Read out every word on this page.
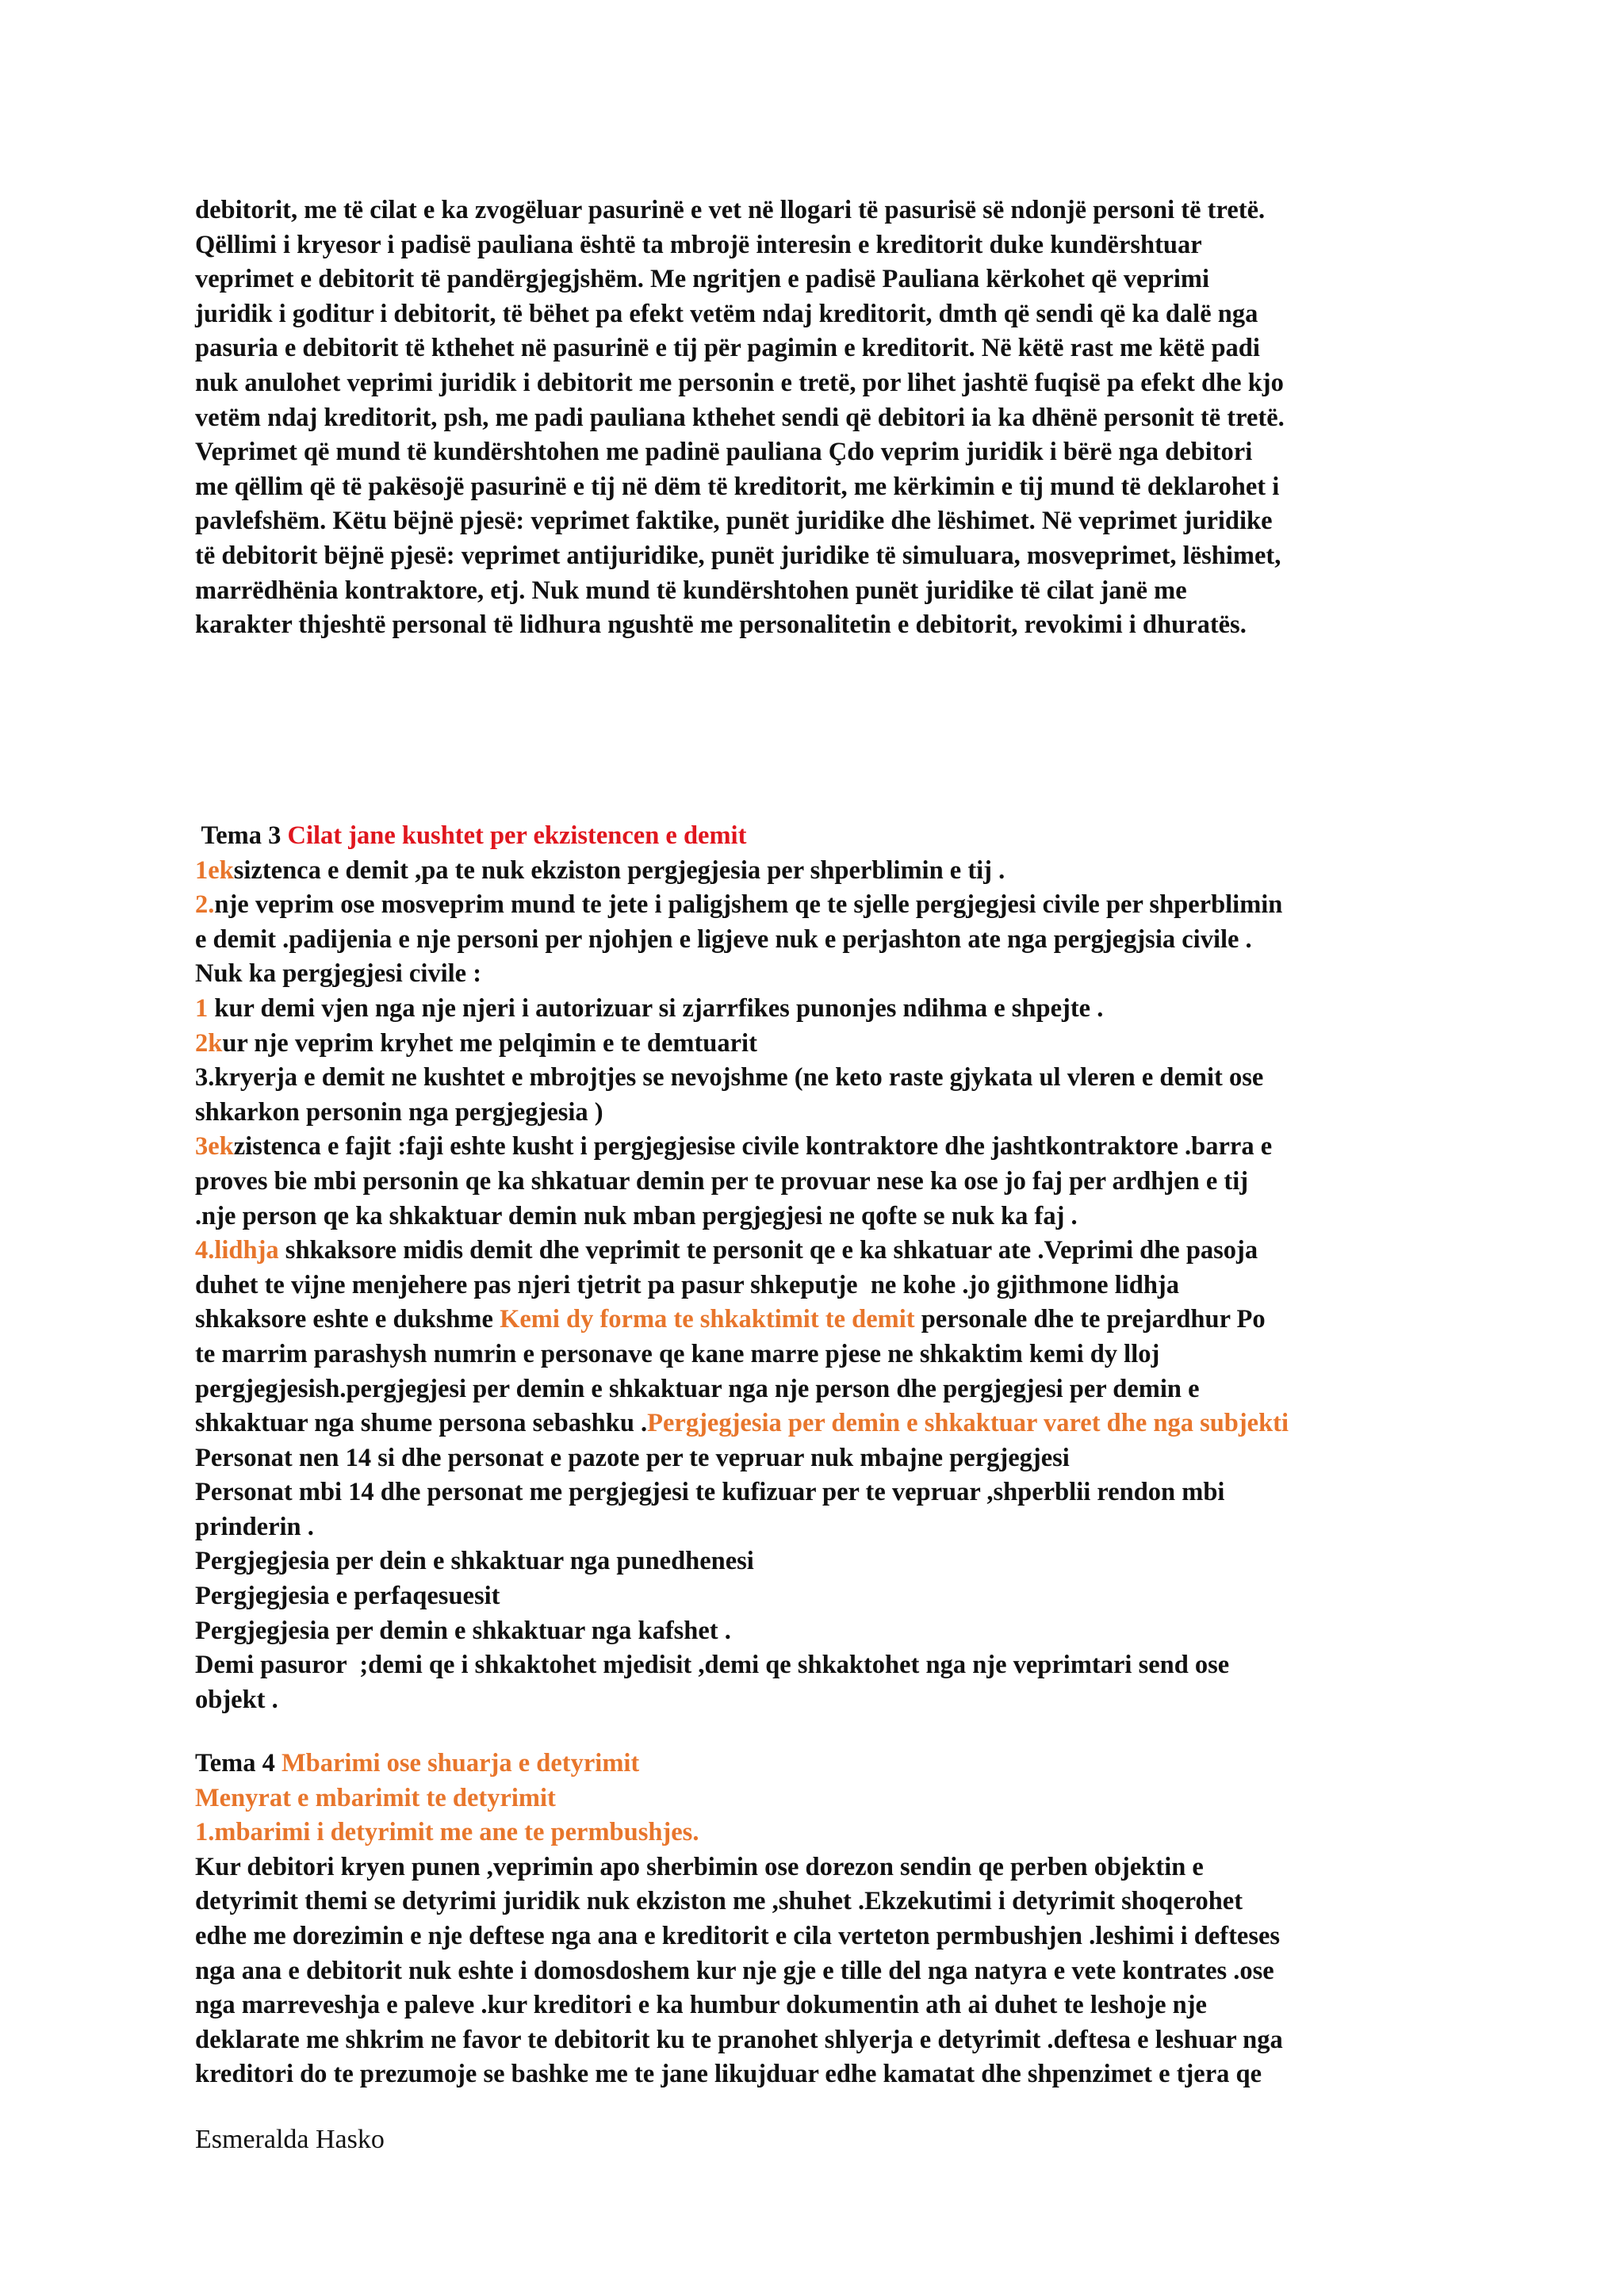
debitorit, me të cilat e ka zvogëluar pasurinë e vet në llogari të pasurisë së ndonjë personi të tretë.
Qëllimi i kryesor i padisë pauliana është ta mbrojë interesin e kreditorit duke kundërshtuar
veprimet e debitorit të pandërgjegjshëm. Me ngritjen e padisë Pauliana kërkohet që veprimi
juridik i goditur i debitorit, të bëhet pa efekt vetëm ndaj kreditorit, dmth që sendi që ka dalë nga
pasuria e debitorit të kthehet në pasurinë e tij për pagimin e kreditorit. Në këtë rast me këtë padi
nuk anulohet veprimi juridik i debitorit me personin e tretë, por lihet jashtë fuqisë pa efekt dhe kjo
vetëm ndaj kreditorit, psh, me padi pauliana kthehet sendi që debitori ia ka dhënë personit të tretë.
Veprimet që mund të kundërshtohen me padinë pauliana Çdo veprim juridik i bërë nga debitori
me qëllim që të pakësojë pasurinë e tij në dëm të kreditorit, me kërkimin e tij mund të deklarohet i
pavlefshëm. Këtu bëjnë pjesë: veprimet faktike, punët juridike dhe lëshimet. Në veprimet juridike
të debitorit bëjnë pjesë: veprimet antijuridike, punët juridike të simuluara, mosveprimet, lëshimet,
marrëdhënia kontraktore, etj. Nuk mund të kundërshtohen punët juridike të cilat janë me
karakter thjeshtë personal të lidhura ngushtë me personalitetin e debitorit, revokimi i dhuratës.
Tema 3 Cilat jane kushtet per ekzistencen e demit
1eksiztenca e demit ,pa te nuk ekziston pergjegjesia per shperblimin e tij .
2.nje veprim ose mosveprim mund te jete i paligjshem qe te sjelle pergjegjesi civile per shperblimin
e demit .padijenia e nje personi per njohjen e ligjeve nuk e perjashton ate nga pergjegjsia civile .
Nuk ka pergjegjesi civile :
1 kur demi vjen nga nje njeri i autorizuar si zjarrfikes punonjes ndihma e shpejte .
2kur nje veprim kryhet me pelqimin e te demtuarit
3.kryerja e demit ne kushtet e mbrojtjes se nevojshme (ne keto raste gjykata ul vleren e demit ose
shkarkon personin nga pergjegjesia )
3ekzistenca e fajit :faji eshte kusht i pergjegjesise civile kontraktore dhe jashtkontraktore .barra e
proves bie mbi personin qe ka shkatuar demin per te provuar nese ka ose jo faj per ardhjen e tij
.nje person qe ka shkaktuar demin nuk mban pergjegjesi ne qofte se nuk ka faj .
4.lidhja shkaksore midis demit dhe veprimit te personit qe e ka shkatuar ate .Veprimi dhe pasoja
duhet te vijne menjehere pas njeri tjetrit pa pasur shkeputje  ne kohe .jo gjithmone lidhja
shkaksore eshte e dukshme Kemi dy forma te shkaktimit te demit personale dhe te prejardhur Po
te marrim parashysh numrin e personave qe kane marre pjese ne shkaktim kemi dy lloj
pergjegjesish.pergjegjesi per demin e shkaktuar nga nje person dhe pergjegjesi per demin e
shkaktuar nga shume persona sebashku .Pergjegjesia per demin e shkaktuar varet dhe nga subjekti
Personat nen 14 si dhe personat e pazote per te vepruar nuk mbajne pergjegjesi
Personat mbi 14 dhe personat me pergjegjesi te kufizuar per te vepruar ,shperblii rendon mbi
prinderin .
Pergjegjesia per dein e shkaktuar nga punedhenesi
Pergjegjesia e perfaqesuesit
Pergjegjesia per demin e shkaktuar nga kafshet .
Demi pasuror  ;demi qe i shkaktohet mjedisit ,demi qe shkaktohet nga nje veprimtari send ose
objekt .
Tema 4 Mbarimi ose shuarja e detyrimit
Menyrat e mbarimit te detyrimit
1.mbarimi i detyrimit me ane te permbushjes.
Kur debitori kryen punen ,veprimin apo sherbimin ose dorezon sendin qe perben objektin e
detyrimit themi se detyrimi juridik nuk ekziston me ,shuhet .Ekzekutimi i detyrimit shoqerohet
edhe me dorezimin e nje deftese nga ana e kreditorit e cila verteton permbushjen .leshimi i defteses
nga ana e debitorit nuk eshte i domosdoshem kur nje gje e tille del nga natyra e vete kontrates .ose
nga marreveshja e paleve .kur kreditori e ka humbur dokumentin ath ai duhet te leshoje nje
deklarate me shkrim ne favor te debitorit ku te pranohet shlyerja e detyrimit .deftesa e leshuar nga
kreditori do te prezumoje se bashke me te jane likujduar edhe kamatat dhe shpenzimet e tjera qe
Esmeralda Hasko
